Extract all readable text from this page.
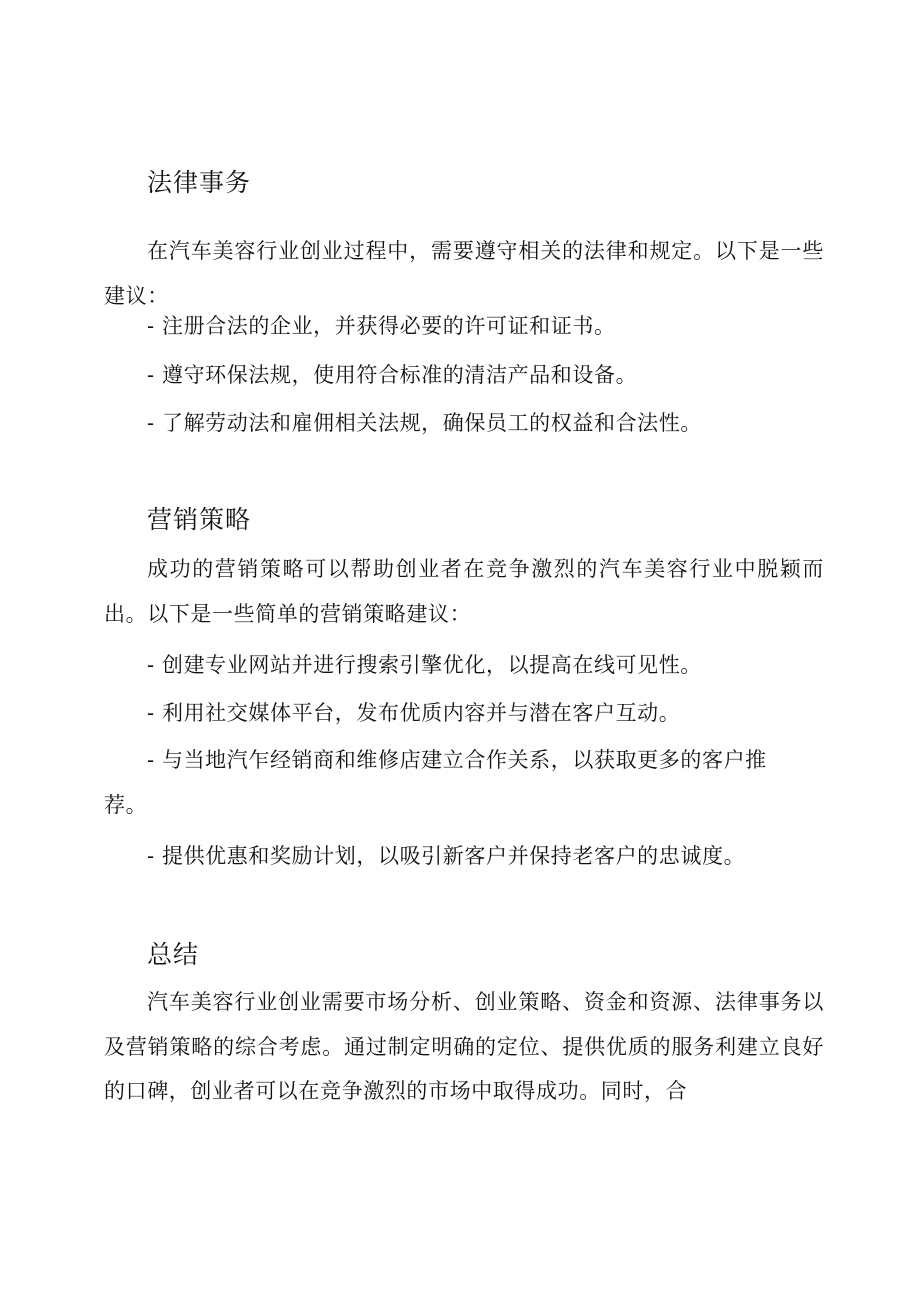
法律事务
在汽车美容行业创业过程中，需要遵守相关的法律和规定。以下是一些建议：
- 注册合法的企业，并获得必要的许可证和证书。
- 遵守环保法规，使用符合标准的清洁产品和设备。
- 了解劳动法和雇佣相关法规，确保员工的权益和合法性。
营销策略
成功的营销策略可以帮助创业者在竞争激烈的汽车美容行业中脱颖而出。以下是一些简单的营销策略建议：
- 创建专业网站并进行搜索引擎优化，以提高在线可见性。
- 利用社交媒体平台，发布优质内容并与潜在客户互动。
- 与当地汽乍经销商和维修店建立合作关系，以获取更多的客户推荐。
- 提供优惠和奖励计划，以吸引新客户并保持老客户的忠诚度。
总结
汽车美容行业创业需要市场分析、创业策略、资金和资源、法律事务以及营销策略的综合考虑。通过制定明确的定位、提供优质的服务利建立良好的口碑，创业者可以在竞争激烈的市场中取得成功。同时，合
